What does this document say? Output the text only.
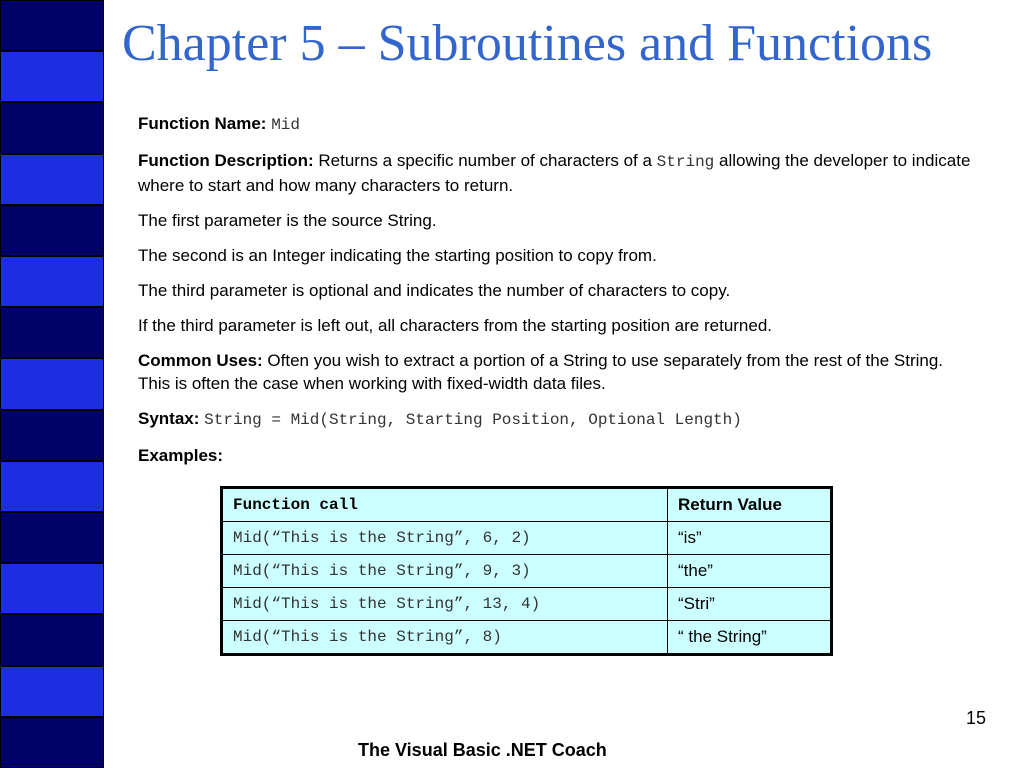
Chapter 5 – Subroutines and Functions

Function Name: Mid

Function Description: Returns a specific number of characters of a String allowing the developer to indicate where to start and how many characters to return.

The first parameter is the source String.

The second is an Integer indicating the starting position to copy from.

The third parameter is optional and indicates the number of characters to copy.

If the third parameter is left out, all characters from the starting position are returned.

Common Uses: Often you wish to extract a portion of a String to use separately from the rest of the String. This is often the case when working with fixed-width data files.

Syntax: String = Mid(String, Starting Position, Optional Length)

Examples:

Function call	Return Value
Mid(“This is the String”, 6, 2)	“is”
Mid(“This is the String”, 9, 3)	“the”
Mid(“This is the String”, 13, 4)	“Stri”
Mid(“This is the String”, 8)	“ the String”
15
The Visual Basic .NET Coach
